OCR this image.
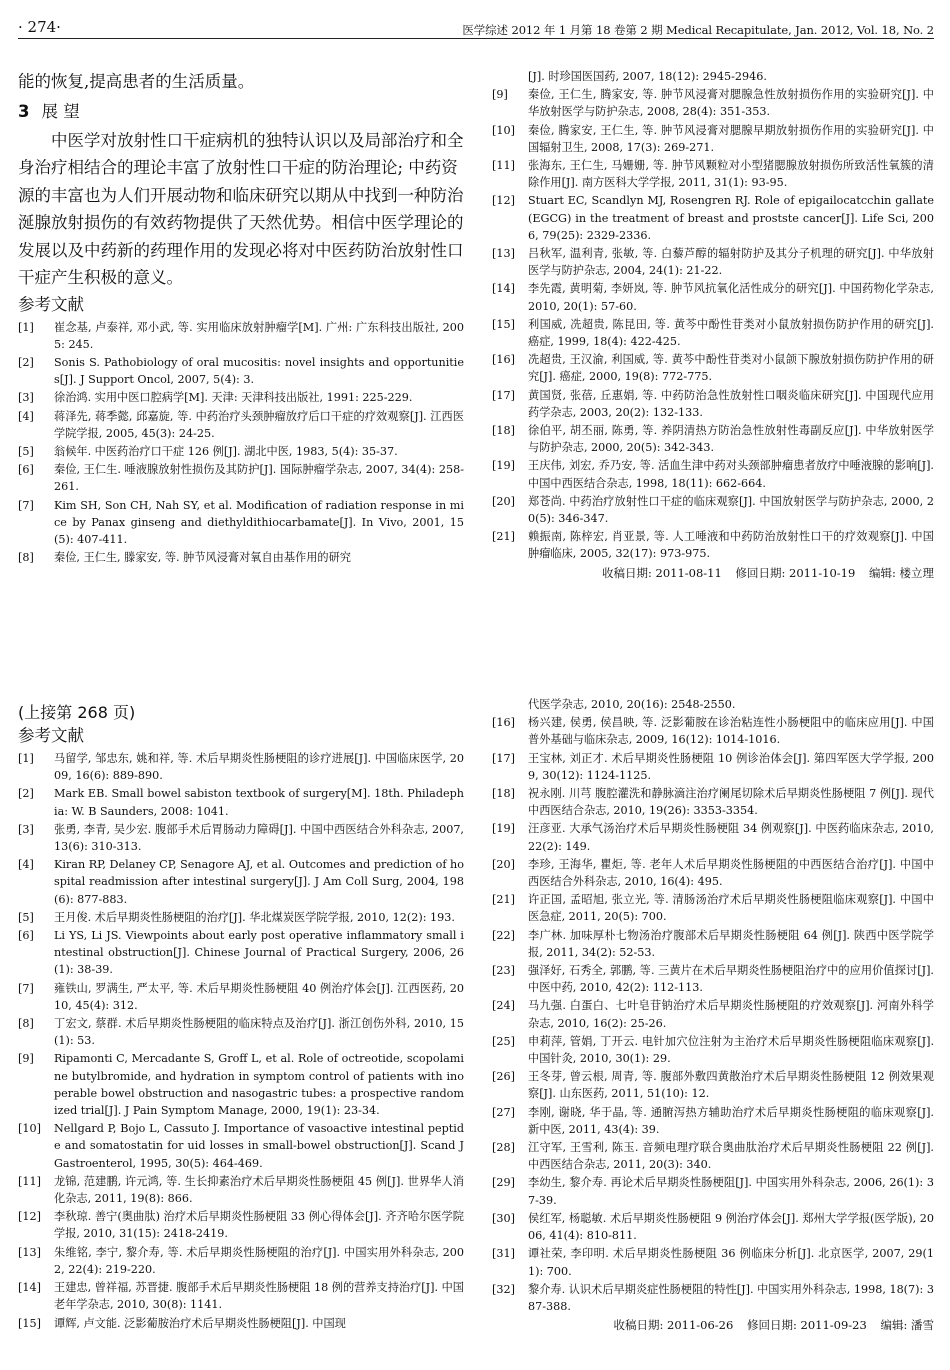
· 274·	医学综述 2012 年 1 月第 18 卷第 2 期 Medical Recapitulate, Jan. 2012, Vol. 18, No. 2

能的恢复,提高患者的生活质量。

3 展 望

中医学对放射性口干症病机的独特认识以及局部治疗和全身治疗相结合的理论丰富了放射性口干症的防治理论; 中药资源的丰富也为人们开展动物和临床研究以期从中找到一种防治涎腺放射损伤的有效药物提供了天然优势。相信中医学理论的发展以及中药新的药理作用的发现必将对中医药防治放射性口干症产生积极的意义。

参考文献
[1]	崔念基, 卢泰祥, 邓小武, 等. 实用临床放射肿瘤学[M]. 广州: 广东科技出版社, 2005: 245.
[2]	Sonis S. Pathobiology of oral mucositis: novel insights and opportunities[J]. J Support Oncol, 2007, 5(4): 3.
[3]	徐治鸿. 实用中医口腔病学[M]. 天津: 天津科技出版社, 1991: 225-229.
[4]	蒋泽先, 蒋季懿, 邱嘉旋, 等. 中药治疗头颈肿瘤放疗后口干症的疗效观察[J]. 江西医学院学报, 2005, 45(3): 24-25.
[5]	翁候年. 中医药治疗口干症 126 例[J]. 湖北中医, 1983, 5(4): 35-37.
[6]	秦俭, 王仁生. 唾液腺放射性损伤及其防护[J]. 国际肿瘤学杂志, 2007, 34(4): 258-261.
[7]	Kim SH, Son CH, Nah SY, et al. Modification of radiation response in mice by Panax ginseng and diethyldithiocarbamate[J]. In Vivo, 2001, 15(5): 407-411.
[8]	秦俭, 王仁生, 滕家安, 等. 肿节风浸膏对氧自由基作用的研究

[J]. 时珍国医国药, 2007, 18(12): 2945-2946.

[9]	秦俭, 王仁生, 腾家安, 等. 肿节风浸膏对腮腺急性放射损伤作用的实验研究[J]. 中华放射医学与防护杂志, 2008, 28(4): 351-353.
[10]	秦俭, 腾家安, 王仁生, 等. 肿节风浸膏对腮腺早期放射损伤作用的实验研究[J]. 中国辐射卫生, 2008, 17(3): 269-271.
[11]	张海东, 王仁生, 马姗姗, 等. 肿节风颗粒对小型猪腮腺放射损伤所致活性氧簇的清除作用[J]. 南方医科大学学报, 2011, 31(1): 93-95.
[12]	Stuart EC, Scandlyn MJ, Rosengren RJ. Role of epigailocatcchin gallate(EGCG) in the treatment of breast and prostste cancer[J]. Life Sci, 2006, 79(25): 2329-2336.
[13]	吕秋军, 温利青, 张敏, 等. 白藜芦醇的辐射防护及其分子机理的研究[J]. 中华放射医学与防护杂志, 2004, 24(1): 21-22.
[14]	李先霞, 黄明菊, 李妍岚, 等. 肿节风抗氧化活性成分的研究[J]. 中国药物化学杂志, 2010, 20(1): 57-60.
[15]	利国威, 冼超贵, 陈昆田, 等. 黄芩中酚性苷类对小鼠放射损伤防护作用的研究[J]. 癌症, 1999, 18(4): 422-425.
[16]	冼超贵, 王汉渝, 利国威, 等. 黄芩中酚性苷类对小鼠颌下腺放射损伤防护作用的研究[J]. 癌症, 2000, 19(8): 772-775.
[17]	黄国贤, 张蓓, 丘惠娟, 等. 中药防治急性放射性口咽炎临床研究[J]. 中国现代应用药学杂志, 2003, 20(2): 132-133.
[18]	徐伯平, 胡丕丽, 陈勇, 等. 养阴清热方防治急性放射性毒副反应[J]. 中华放射医学与防护杂志, 2000, 20(5): 342-343.
[19]	王庆伟, 刘宏, 乔乃安, 等. 活血生津中药对头颈部肿瘤患者放疗中唾液腺的影响[J]. 中国中西医结合杂志, 1998, 18(11): 662-664.
[20]	郑苍尚. 中药治疗放射性口干症的临床观察[J]. 中国放射医学与防护杂志, 2000, 20(5): 346-347.
[21]	赖振南, 陈梓宏, 肖亚景, 等. 人工唾液和中药防治放射性口干的疗效观察[J]. 中国肿瘤临床, 2005, 32(17): 973-975.
收稿日期: 2011-08-11 修回日期: 2011-10-19 编辑: 楼立理
(上接第 268 页)
参考文献
[1]	马留学, 邹忠东, 姚和祥, 等. 术后早期炎性肠梗阻的诊疗进展[J]. 中国临床医学, 2009, 16(6): 889-890.
[2]	Mark EB. Small bowel sabiston textbook of surgery[M]. 18th. Philadephia: W. B Saunders, 2008: 1041.
[3]	张勇, 李青, 吴少宏. 腹部手术后胃肠动力障碍[J]. 中国中西医结合外科杂志, 2007, 13(6): 310-313.
[4]	Kiran RP, Delaney CP, Senagore AJ, et al. Outcomes and prediction of hospital readmission after intestinal surgery[J]. J Am Coll Surg, 2004, 198(6): 877-883.
[5]	王月俊. 术后早期炎性肠梗阻的治疗[J]. 华北煤炭医学院学报, 2010, 12(2): 193.
[6]	Li YS, Li JS. Viewpoints about early post operative inflammatory small intestinal obstruction[J]. Chinese Journal of Practical Surgery, 2006, 26(1): 38-39.
[7]	雍铁山, 罗满生, 严太平, 等. 术后早期炎性肠梗阻 40 例治疗体会[J]. 江西医药, 2010, 45(4): 312.
[8]	丁宏文, 蔡群. 术后早期炎性肠梗阻的临床特点及治疗[J]. 浙江创伤外科, 2010, 15(1): 53.
[9]	Ripamonti C, Mercadante S, Groff L, et al. Role of octreotide, scopolamine butylbromide, and hydration in symptom control of patients with inoperable bowel obstruction and nasogastric tubes: a prospective randomized trial[J]. J Pain Symptom Manage, 2000, 19(1): 23-34.
[10]	Nellgard P, Bojo L, Cassuto J. Importance of vasoactive intestinal peptide and somatostatin for uid losses in small-bowel obstruction[J]. Scand J Gastroenterol, 1995, 30(5): 464-469.
[11]	龙锦, 范建鹏, 许元鸿, 等. 生长抑素治疗术后早期炎性肠梗阻 45 例[J]. 世界华人消化杂志, 2011, 19(8): 866.
[12]	李秋琼. 善宁(奥曲肽) 治疗术后早期炎性肠梗阻 33 例心得体会[J]. 齐齐哈尔医学院学报, 2010, 31(15): 2418-2419.
[13]	朱维铭, 李宁, 黎介寿, 等. 术后早期炎性肠梗阻的治疗[J]. 中国实用外科杂志, 2002, 22(4): 219-220.
[14]	王建忠, 曾祥福, 苏晋捷. 腹部手术后早期炎性肠梗阻 18 例的营养支持治疗[J]. 中国老年学杂志, 2010, 30(8): 1141.
[15]	谭辉, 卢文能. 泛影葡胺治疗术后早期炎性肠梗阻[J]. 中国现

代医学杂志, 2010, 20(16): 2548-2550.

[16]	杨兴建, 侯勇, 侯昌映, 等. 泛影葡胺在诊治粘连性小肠梗阻中的临床应用[J]. 中国普外基础与临床杂志, 2009, 16(12): 1014-1016.
[17]	王宝林, 刘正才. 术后早期炎性肠梗阻 10 例诊治体会[J]. 第四军医大学学报, 2009, 30(12): 1124-1125.
[18]	祝永刚. 川芎 腹腔灌洗和静脉滴注治疗阑尾切除术后早期炎性肠梗阻 7 例[J]. 现代中西医结合杂志, 2010, 19(26): 3353-3354.
[19]	汪彦亚. 大承气汤治疗术后早期炎性肠梗阻 34 例观察[J]. 中医药临床杂志, 2010, 22(2): 149.
[20]	李珍, 王海华, 瞿炬, 等. 老年人术后早期炎性肠梗阻的中西医结合治疗[J]. 中国中西医结合外科杂志, 2010, 16(4): 495.
[21]	许正国, 孟昭旭, 张立光, 等. 清肠汤治疗术后早期炎性肠梗阻临床观察[J]. 中国中医急症, 2011, 20(5): 700.
[22]	李广林. 加味厚朴七物汤治疗腹部术后早期炎性肠梗阻 64 例[J]. 陕西中医学院学报, 2011, 34(2): 52-53.
[23]	强泽好, 石秀全, 郭鹏, 等. 三黄片在术后早期炎性肠梗阻治疗中的应用价值探讨[J]. 中医中药, 2010, 42(2): 112-113.
[24]	马九强. 白蛋白、七叶皂苷钠治疗术后早期炎性肠梗阻的疗效观察[J]. 河南外科学杂志, 2010, 16(2): 25-26.
[25]	申莉萍, 管娟, 丁开云. 电针加穴位注射为主治疗术后早期炎性肠梗阻临床观察[J]. 中国针灸, 2010, 30(1): 29.
[26]	王冬芽, 曾云根, 周青, 等. 腹部外敷四黄散治疗术后早期炎性肠梗阻 12 例效果观察[J]. 山东医药, 2011, 51(10): 12.
[27]	李刚, 谢晓, 华于晶, 等. 通腑泻热方辅助治疗术后早期炎性肠梗阻的临床观察[J]. 新中医, 2011, 43(4): 39.
[28]	江守军, 王雪利, 陈玉. 音频电理疗联合奥曲肽治疗术后早期炎性肠梗阻 22 例[J]. 中西医结合杂志, 2011, 20(3): 340.
[29]	李幼生, 黎介寿. 再论术后早期炎性肠梗阻[J]. 中国实用外科杂志, 2006, 26(1): 37-39.
[30]	侯红军, 杨聪敏. 术后早期炎性肠梗阻 9 例治疗体会[J]. 郑州大学学报(医学版), 2006, 41(4): 810-811.
[31]	谭社荣, 李印明. 术后早期炎性肠梗阻 36 例临床分析[J]. 北京医学, 2007, 29(11): 700.
[32]	黎介寿. 认识术后早期炎症性肠梗阻的特性[J]. 中国实用外科杂志, 1998, 18(7): 387-388.
收稿日期: 2011-06-26 修回日期: 2011-09-23 编辑: 潘雪
